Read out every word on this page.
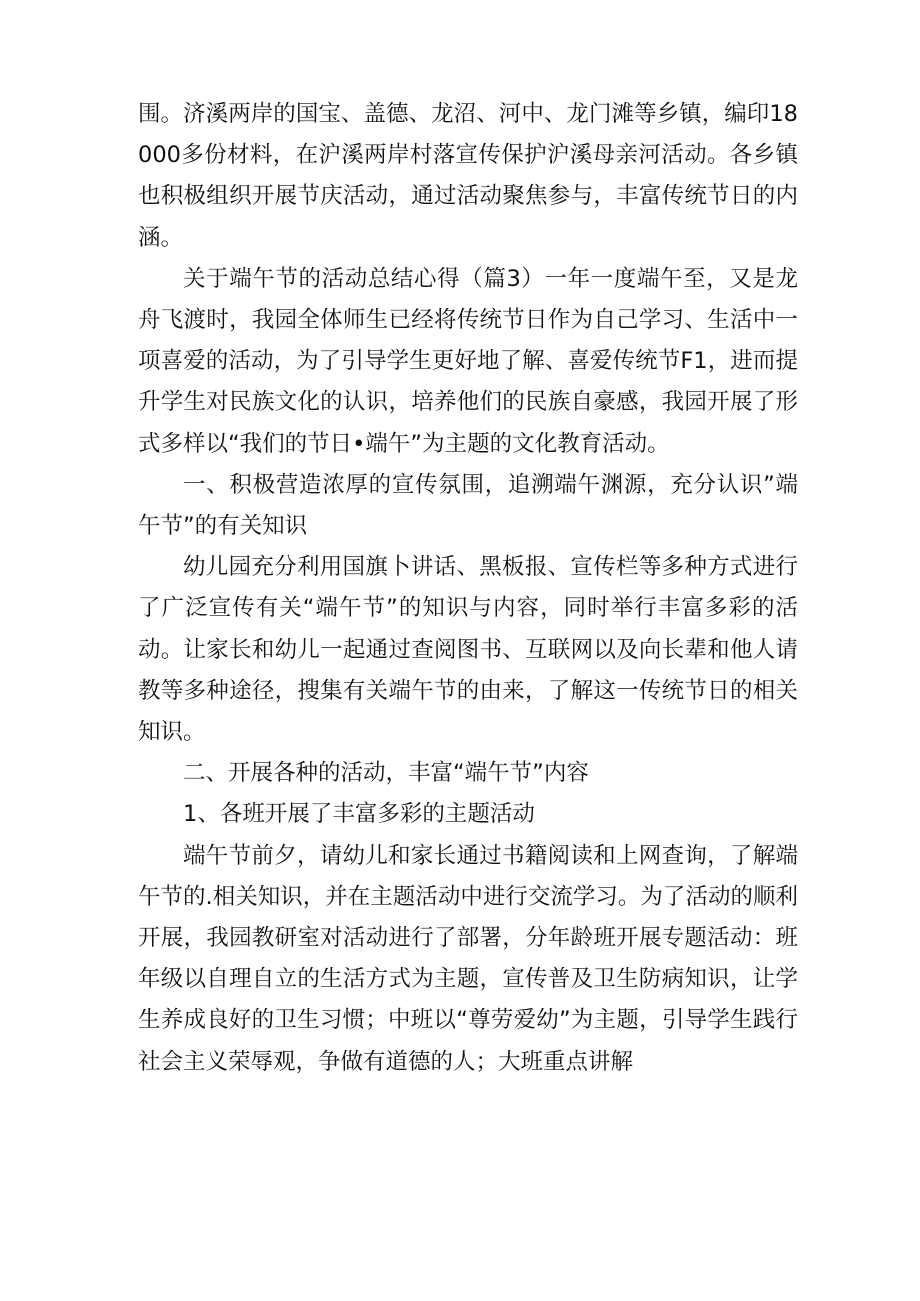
围。济溪两岸的国宝、盖德、龙沼、河中、龙门滩等乡镇，编印18000多份材料，在沪溪两岸村落宣传保护沪溪母亲河活动。各乡镇也积极组织开展节庆活动，通过活动聚焦参与，丰富传统节日的内涵。

关于端午节的活动总结心得（篇3）一年一度端午至，又是龙舟飞渡时，我园全体师生已经将传统节日作为自己学习、生活中一项喜爱的活动，为了引导学生更好地了解、喜爱传统节F1，进而提升学生对民族文化的认识，培养他们的民族自豪感，我园开展了形式多样以“我们的节日•端午”为主题的文化教育活动。

一、积极营造浓厚的宣传氛围，追溯端午渊源，充分认识”端午节”的有关知识

幼儿园充分利用国旗卜讲话、黑板报、宣传栏等多种方式进行了广泛宣传有关“端午节”的知识与内容，同时举行丰富多彩的活动。让家长和幼儿一起通过查阅图书、互联网以及向长辈和他人请教等多种途径，搜集有关端午节的由来，了解这一传统节日的相关知识。

二、开展各种的活动，丰富“端午节”内容

1、各班开展了丰富多彩的主题活动

端午节前夕，请幼儿和家长通过书籍阅读和上网查询，了解端午节的.相关知识，并在主题活动中进行交流学习。为了活动的顺利开展，我园教研室对活动进行了部署，分年龄班开展专题活动：班年级以自理自立的生活方式为主题，宣传普及卫生防病知识，让学生养成良好的卫生习惯；中班以“尊劳爱幼”为主题，引导学生践行社会主义荣辱观，争做有道德的人；大班重点讲解
